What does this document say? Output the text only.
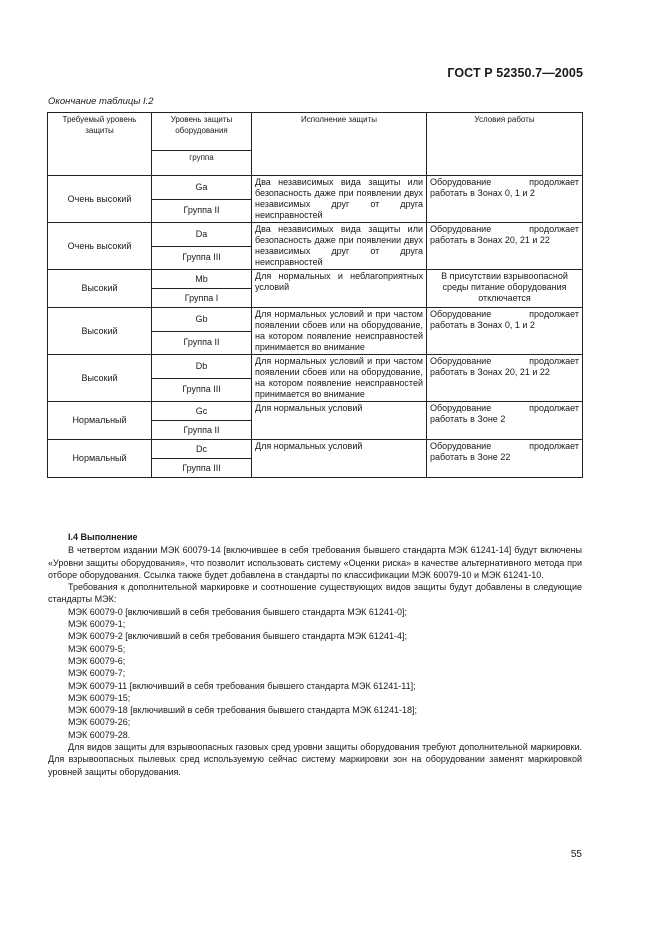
ГОСТ Р 52350.7—2005
Окончание таблицы I.2
Требуемый уровень защиты	Уровень защиты оборудования	Исполнение защиты	Условия работы
	группа		
Очень высокий	Ga	Два независимых вида защиты или безопасность даже при появлении двух независимых друг от друга неисправностей	Оборудование продолжает работать в Зонах 0, 1 и 2
	Группа II		
Очень высокий	Da	Два независимых вида защиты или безопасность даже при появлении двух независимых друг от друга неисправностей	Оборудование продолжает работать в Зонах 20, 21 и 22
	Группа III		
Высокий	Mb	Для нормальных и неблагоприятных условий	В присутствии взрывоопасной среды питание оборудования отключается
	Группа I		
Высокий	Gb	Для нормальных условий и при частом появлении сбоев или на оборудование, на котором появление неисправностей принимается во внимание	Оборудование продолжает работать в Зонах 0, 1 и 2
	Группа II		
Высокий	Db	Для нормальных условий и при частом появлении сбоев или на оборудование, на котором появление неисправностей принимается во внимание	Оборудование продолжает работать в Зонах 20, 21 и 22
	Группа III		
Нормальный	Gc	Для нормальных условий	Оборудование продолжает работать в Зоне 2
	Группа II		
Нормальный	Dc	Для нормальных условий	Оборудование продолжает работать в Зоне 22
	Группа III		

I.4 Выполнение

В четвертом издании МЭК 60079-14 [включившее в себя требования бывшего стандарта МЭК 61241-14] будут включены «Уровни защиты оборудования», что позволит использовать систему «Оценки риска» в качестве альтернативного метода при отборе оборудования. Ссылка также будет добавлена в стандарты по классификации МЭК 60079-10 и МЭК 61241-10.

Требования к дополнительной маркировке и соотношение существующих видов защиты будут добавлены в следующие стандарты МЭК:

МЭК 60079-0 [включивший в себя требования бывшего стандарта МЭК 61241-0];

МЭК 60079-1;

МЭК 60079-2 [включивший в себя требования бывшего стандарта МЭК 61241-4];

МЭК 60079-5;

МЭК 60079-6;

МЭК 60079-7;

МЭК 60079-11 [включивший в себя требования бывшего стандарта МЭК 61241-11];

МЭК 60079-15;

МЭК 60079-18 [включивший в себя требования бывшего стандарта МЭК 61241-18];

МЭК 60079-26;

МЭК 60079-28.

Для видов защиты для взрывоопасных газовых сред уровни защиты оборудования требуют дополнительной маркировки. Для взрывоопасных пылевых сред используемую сейчас систему маркировки зон на оборудовании заменят маркировкой уровней защиты оборудования.

55
